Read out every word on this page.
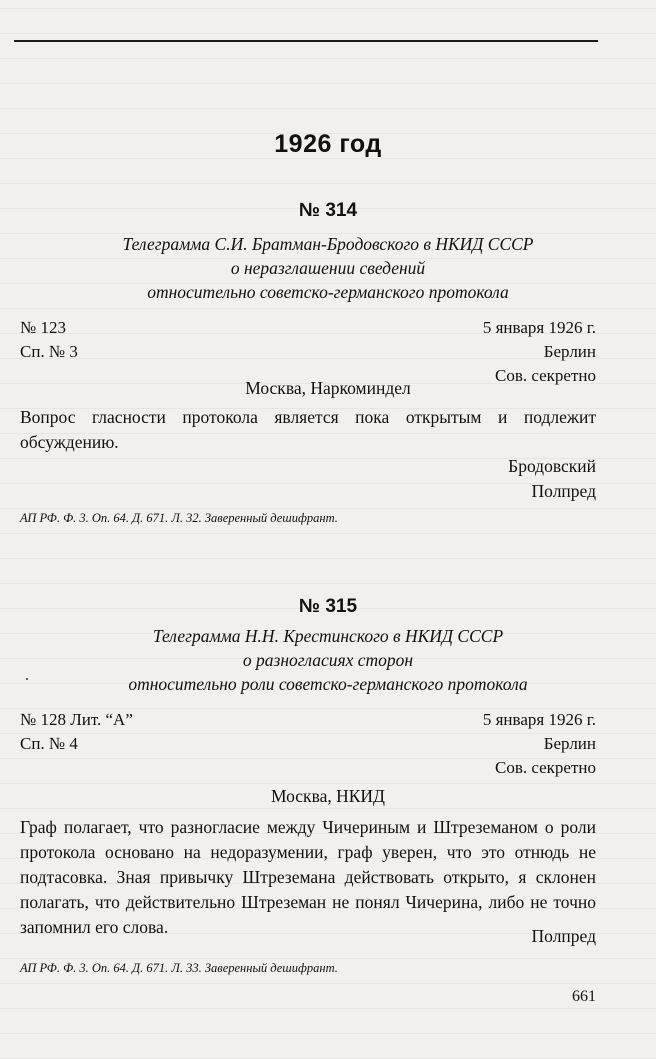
1926 год
№ 314
Телеграмма С.И. Братман-Бродовского в НКИД СССР
о неразглашении сведений
относительно советско-германского протокола
№ 123
Сп. № 3
5 января 1926 г.
Берлин
Сов. секретно
Москва, Наркоминдел
Вопрос гласности протокола является пока открытым и подлежит обсуждению.
Бродовский
Полпред
АП РФ. Ф. 3. Оп. 64. Д. 671. Л. 32. Заверенный дешифрант.
№ 315
Телеграмма Н.Н. Крестинского в НКИД СССР
о разногласиях сторон
относительно роли советско-германского протокола
№ 128 Лит. “А”
Сп. № 4
5 января 1926 г.
Берлин
Сов. секретно
Москва, НКИД
Граф полагает, что разногласие между Чичериным и Штреземаном о роли протокола основано на недоразумении, граф уверен, что это отнюдь не подтасовка. Зная привычку Штреземана действовать открыто, я склонен полагать, что действительно Штреземан не понял Чичерина, либо не точно запомнил его слова.	Полпред
АП РФ. Ф. 3. Оп. 64. Д. 671. Л. 33. Заверенный дешифрант.
661
